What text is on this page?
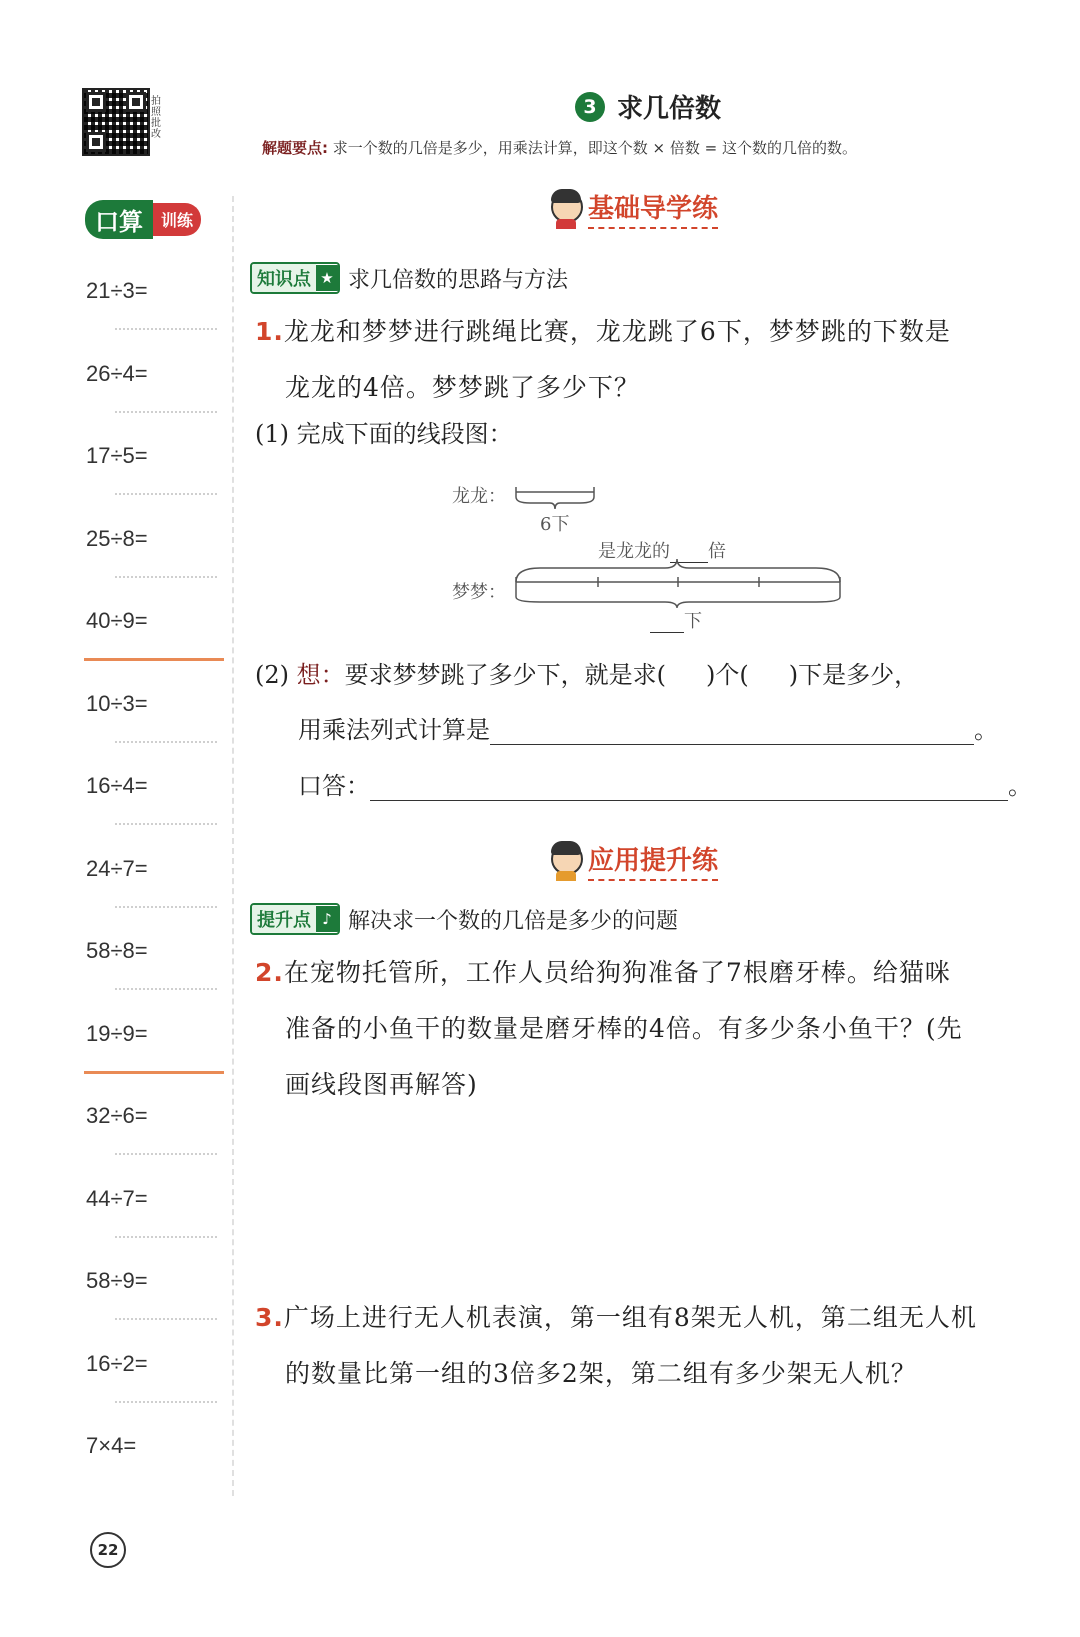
拍照批改
3 求几倍数
解题要点: 求一个数的几倍是多少，用乘法计算，即这个数 × 倍数 = 这个数的几倍的数。
口算	训练
21÷3=
26÷4=
17÷5=
25÷8=
40÷9=
10÷3=
16÷4=
24÷7=
58÷8=
19÷9=
32÷6=
44÷7=
58÷9=
16÷2=
7×4=
22
基础导学练
知识点 ★ 求几倍数的思路与方法
1.龙龙和梦梦进行跳绳比赛，龙龙跳了6下，梦梦跳的下数是
龙龙的4倍。梦梦跳了多少下？
(1) 完成下面的线段图：
龙龙：
6下
是龙龙的 倍
梦梦：
下
(2) 想：要求梦梦跳了多少下，就是求( )个( )下是多少，
用乘法列式计算是	。
口答：	。
应用提升练
提升点 ♪ 解决求一个数的几倍是多少的问题
2.在宠物托管所，工作人员给狗狗准备了7根磨牙棒。给猫咪
准备的小鱼干的数量是磨牙棒的4倍。有多少条小鱼干？(先
画线段图再解答)
3.广场上进行无人机表演，第一组有8架无人机，第二组无人机
的数量比第一组的3倍多2架，第二组有多少架无人机？
